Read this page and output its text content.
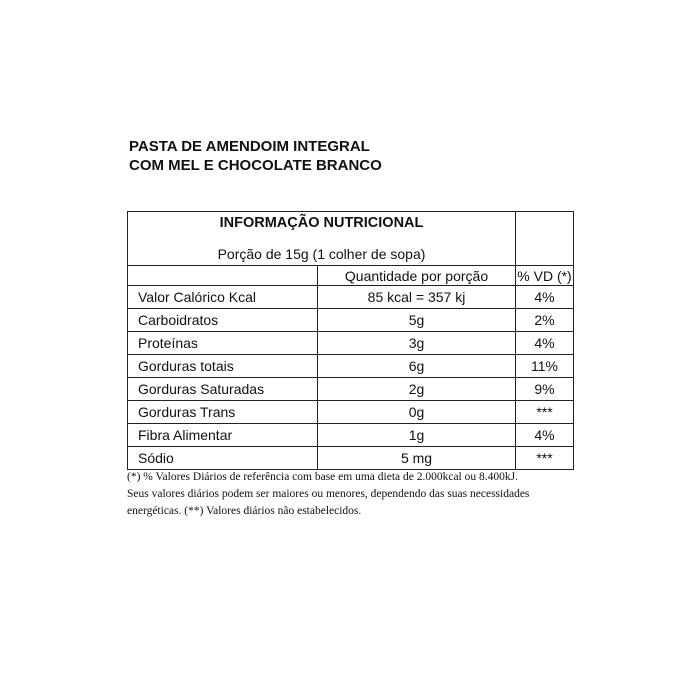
PASTA DE AMENDOIM INTEGRAL
COM MEL E CHOCOLATE BRANCO
INFORMAÇÃO NUTRICIONAL
Porção de 15g (1 colher de sopa)		

	Quantidade por porção	% VD (*)
Valor Calórico Kcal	85 kcal = 357 kj	4%
Carboidratos	5g	2%
Proteínas	3g	4%
Gorduras totais	6g	11%
Gorduras Saturadas	2g	9%
Gorduras Trans	0g	***
Fibra Alimentar	1g	4%
Sódio	5 mg	***
(*) % Valores Diários de referência com base em uma dieta de 2.000kcal ou 8.400kJ.
Seus valores diários podem ser maiores ou menores, dependendo das suas necessidades
energéticas. (**) Valores diários não estabelecidos.
